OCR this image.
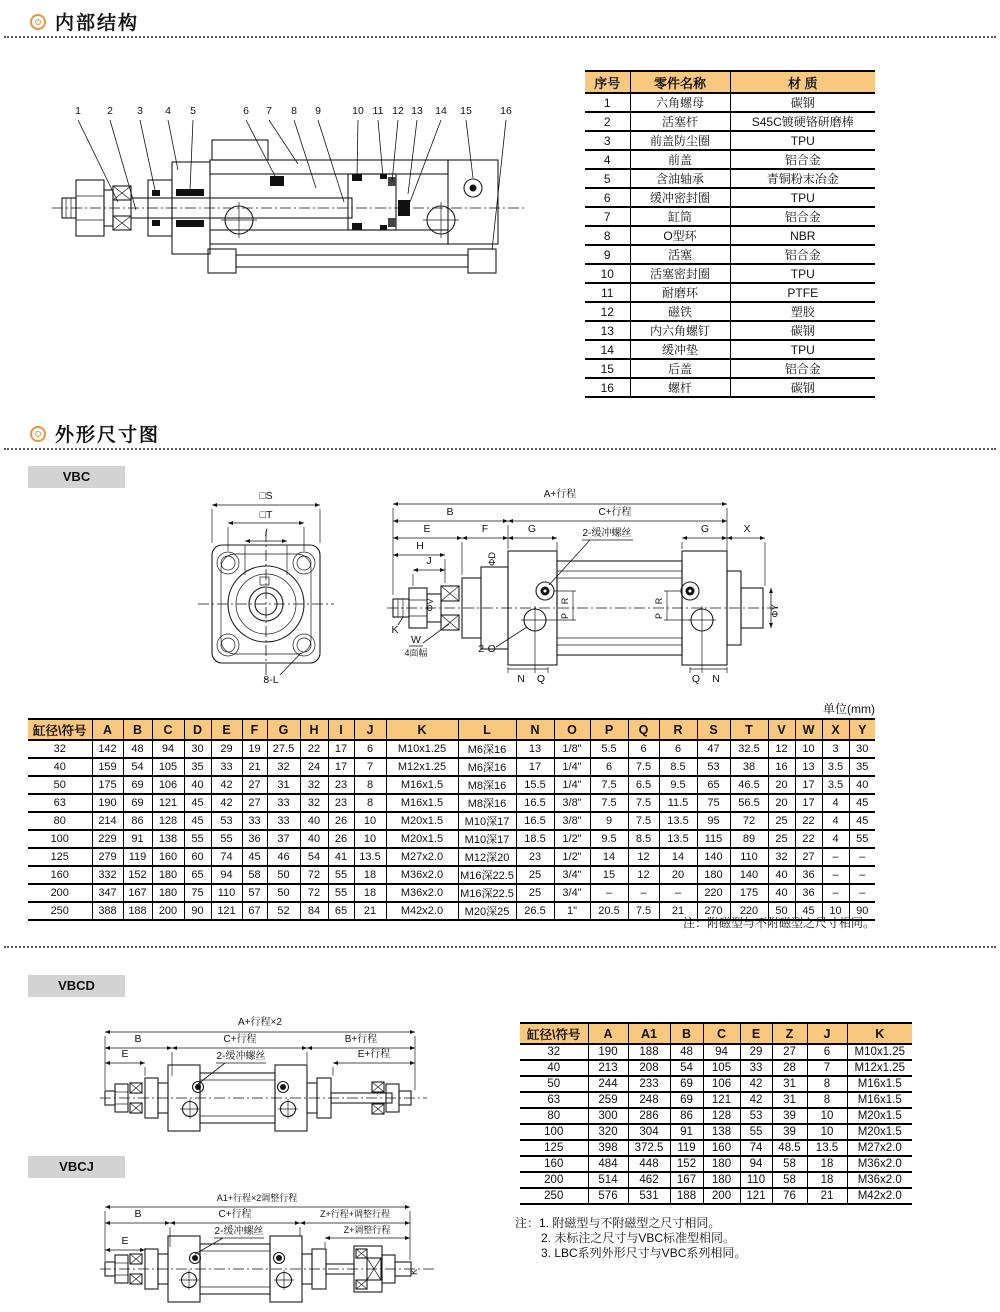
内部结构
1 2 3 4 5	6 7 8 9	10 11 12 13 14 15	16
序号	零件名称	材 质
1	六角螺母	碳钢
2	活塞杆	S45C镀硬铬研磨棒
3	前盖防尘圈	TPU
4	前盖	铝合金
5	含油轴承	青铜粉末冶金
6	缓冲密封圈	TPU
7	缸筒	铝合金
8	O型环	NBR
9	活塞	铝合金
10	活塞密封圈	TPU
11	耐磨环	PTFE
12	磁铁	塑胶
13	内六角螺钉	碳钢
14	缓冲垫	TPU
15	后盖	铝合金
16	螺杆	碳钢
外形尺寸图
VBC
□S
□T
l
8-L
A+行程
B	C+行程
E	F	G	G	X
H
J
2-缓冲螺丝
ΦD
ΦV	ΦY
R
P
R
P
N Q	Q N
K
W
4面幅	2-O
单位(mm)
缸径\符号	A	B	C	D	E	F	G	H	I	J	K	L	N	O	P	Q	R	S	T	V	W	X	Y
32	142	48	94	30	29	19	27.5	22	17	6	M10x1.25	M6深16	13	1/8"	5.5	6	6	47	32.5	12	10	3	30
40	159	54	105	35	33	21	32	24	17	7	M12x1.25	M6深16	17	1/4"	6	7.5	8.5	53	38	16	13	3.5	35
50	175	69	106	40	42	27	31	32	23	8	M16x1.5	M8深16	15.5	1/4"	7.5	6.5	9.5	65	46.5	20	17	3.5	40
63	190	69	121	45	42	27	33	32	23	8	M16x1.5	M8深16	16.5	3/8"	7.5	7.5	11.5	75	56.5	20	17	4	45
80	214	86	128	45	53	33	33	40	26	10	M20x1.5	M10深17	16.5	3/8"	9	7.5	13.5	95	72	25	22	4	45
100	229	91	138	55	55	36	37	40	26	10	M20x1.5	M10深17	18.5	1/2"	9.5	8.5	13.5	115	89	25	22	4	55
125	279	119	160	60	74	45	46	54	41	13.5	M27x2.0	M12深20	23	1/2"	14	12	14	140	110	32	27	–	–
160	332	152	180	65	94	58	50	72	55	18	M36x2.0	M16深22.5	25	3/4"	15	12	20	180	140	40	36	–	–
200	347	167	180	75	110	57	50	72	55	18	M36x2.0	M16深22.5	25	3/4"	–	–	–	220	175	40	36	–	–
250	388	188	200	90	121	67	52	84	65	21	M42x2.0	M20深25	26.5	1"	20.5	7.5	21	270	220	50	45	10	90
注：附磁型与不附磁型之尺寸相同。
VBCD
A+行程×2
B	C+行程	B+行程
E	E+行程
2-缓冲螺丝
缸径\符号	A	A1	B	C	E	Z	J	K
32	190	188	48	94	29	27	6	M10x1.25
40	213	208	54	105	33	28	7	M12x1.25
50	244	233	69	106	42	31	8	M16x1.5
63	259	248	69	121	42	31	8	M16x1.5
80	300	286	86	128	53	39	10	M20x1.5
100	320	304	91	138	55	39	10	M20x1.5
125	398	372.5	119	160	74	48.5	13.5	M27x2.0
160	484	448	152	180	94	58	18	M36x2.0
200	514	462	167	180	110	58	18	M36x2.0
250	576	531	188	200	121	76	21	M42x2.0
注：1. 附磁型与不附磁型之尺寸相同。
2. 未标注之尺寸与VBC标准型相同。
3. LBC系列外形尺寸与VBC系列相同。
VBCJ
A1+行程×2调整行程
B	C+行程	Z+行程+调整行程
2-缓冲螺丝	Z+调整行程
E
K
